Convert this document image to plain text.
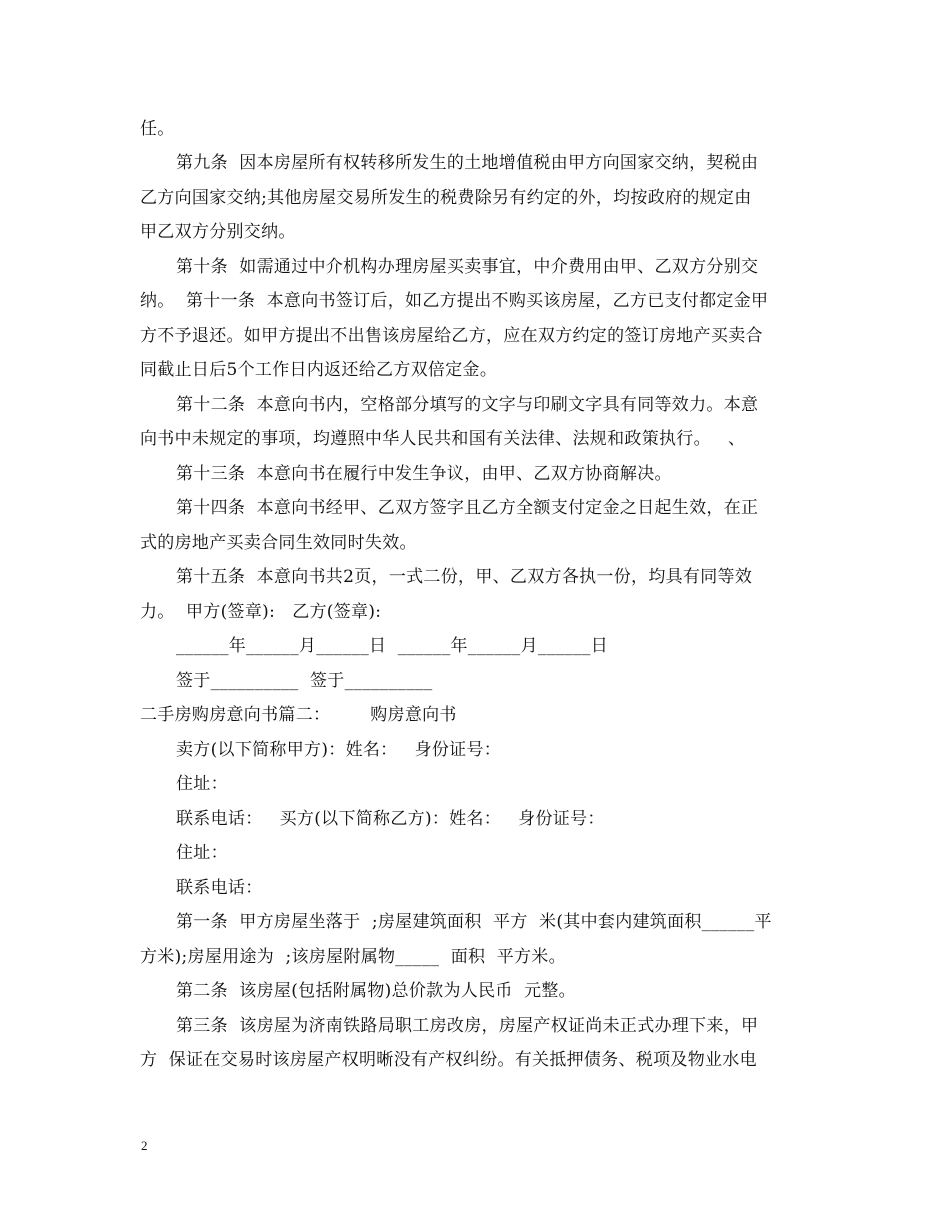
任。
第九条  因本房屋所有权转移所发生的土地增值税由甲方向国家交纳，契税由
乙方向国家交纳;其他房屋交易所发生的税费除另有约定的外，均按政府的规定由
甲乙双方分别交纳。
第十条  如需通过中介机构办理房屋买卖事宜，中介费用由甲、乙双方分别交
纳。  第十一条  本意向书签订后，如乙方提出不购买该房屋，乙方已支付都定金甲
方不予退还。如甲方提出不出售该房屋给乙方，应在双方约定的签订房地产买卖合
同截止日后5个工作日内返还给乙方双倍定金。
第十二条  本意向书内，空格部分填写的文字与印刷文字具有同等效力。本意
向书中未规定的事项，均遵照中华人民共和国有关法律、法规和政策执行。   、
第十三条  本意向书在履行中发生争议，由甲、乙双方协商解决。
第十四条  本意向书经甲、乙双方签字且乙方全额支付定金之日起生效，在正
式的房地产买卖合同生效同时失效。
第十五条  本意向书共2页，一式二份，甲、乙双方各执一份，均具有同等效
力。  甲方(签章):   乙方(签章):
______年______月______日  ______年______月______日
签于__________  签于__________
二手房购房意向书篇二：       购房意向书
卖方(以下简称甲方)：姓名：   身份证号：
住址：
联系电话：   买方(以下简称乙方)：姓名：   身份证号：
住址：
联系电话：
第一条  甲方房屋坐落于  ;房屋建筑面积  平方  米(其中套内建筑面积______平
方米);房屋用途为  ;该房屋附属物_____  面积  平方米。
第二条  该房屋(包括附属物)总价款为人民币  元整。
第三条  该房屋为济南铁路局职工房改房，房屋产权证尚未正式办理下来，甲
方  保证在交易时该房屋产权明晰没有产权纠纷。有关抵押债务、税项及物业水电
2
